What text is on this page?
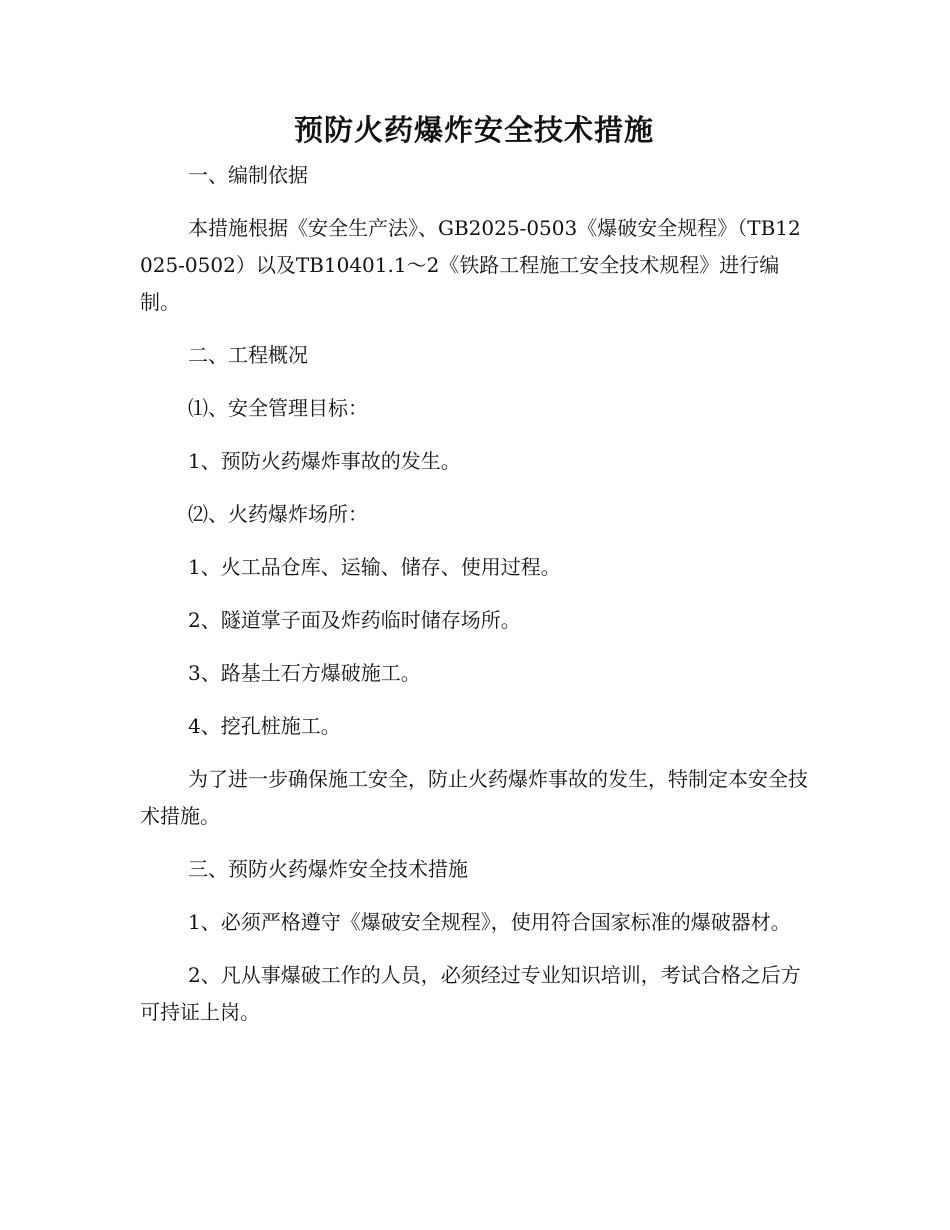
预防火药爆炸安全技术措施

一、编制依据

本措施根据《安全生产法》、GB2025-0503《爆破安全规程》（TB12025-0502）以及TB10401.1～2《铁路工程施工安全技术规程》进行编制。

二、工程概况

⑴、安全管理目标：

1、预防火药爆炸事故的发生。

⑵、火药爆炸场所：

1、火工品仓库、运输、储存、使用过程。

2、隧道掌子面及炸药临时储存场所。

3、路基土石方爆破施工。

4、挖孔桩施工。

为了进一步确保施工安全，防止火药爆炸事故的发生，特制定本安全技术措施。

三、预防火药爆炸安全技术措施

1、必须严格遵守《爆破安全规程》，使用符合国家标准的爆破器材。

2、凡从事爆破工作的人员，必须经过专业知识培训，考试合格之后方可持证上岗。
